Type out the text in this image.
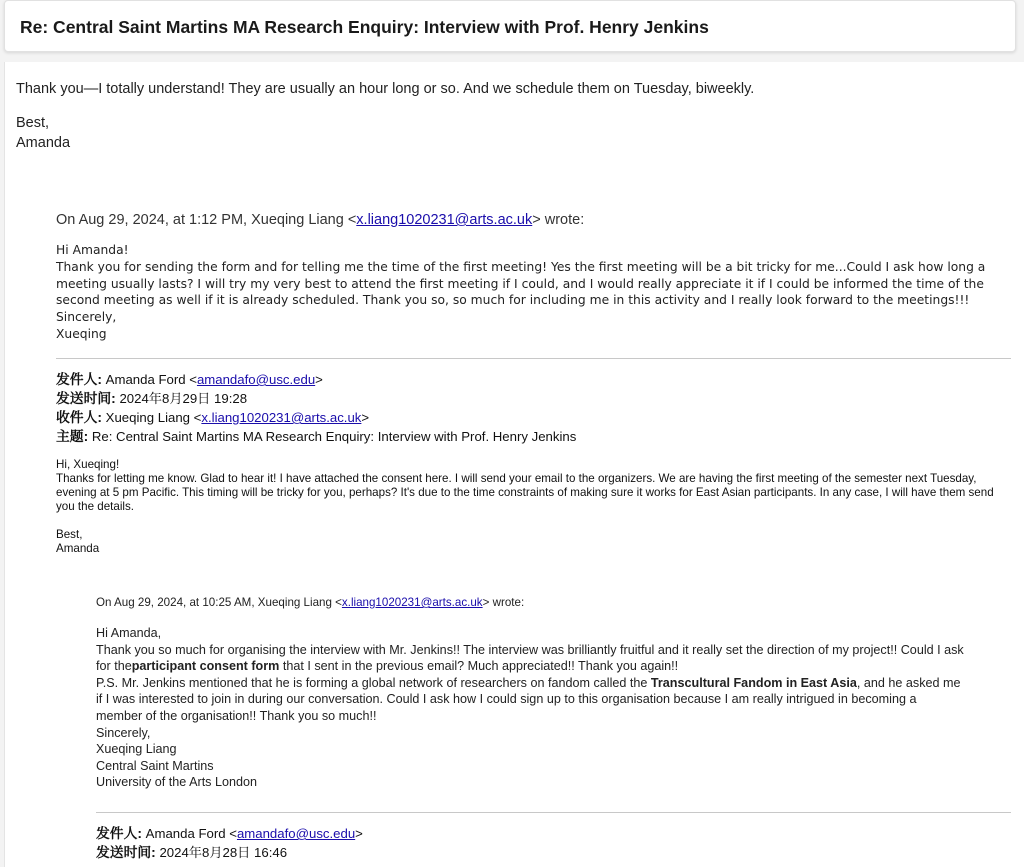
Re: Central Saint Martins MA Research Enquiry: Interview with Prof. Henry Jenkins

Thank you—I totally understand! They are usually an hour long or so. And we schedule them on Tuesday, biweekly.

Best,

Amanda

On Aug 29, 2024, at 1:12 PM, Xueqing Liang <x.liang1020231@arts.ac.uk> wrote:

Hi Amanda!

Thank you for sending the form and for telling me the time of the first meeting! Yes the first meeting will be a bit tricky for me...Could I ask how long a meeting usually lasts? I will try my very best to attend the first meeting if I could, and I would really appreciate it if I could be informed the time of the second meeting as well if it is already scheduled. Thank you so, so much for including me in this activity and I really look forward to the meetings!!!

Sincerely,

Xueqing

发件人: Amanda Ford <amandafo@usc.edu>

发送时间: 2024年8月29日 19:28

收件人: Xueqing Liang <x.liang1020231@arts.ac.uk>

主题: Re: Central Saint Martins MA Research Enquiry: Interview with Prof. Henry Jenkins

Hi, Xueqing!

Thanks for letting me know. Glad to hear it! I have attached the consent here. I will send your email to the organizers. We are having the first meeting of the semester next Tuesday, evening at 5 pm Pacific. This timing will be tricky for you, perhaps? It's due to the time constraints of making sure it works for East Asian participants. In any case, I will have them send you the details.

Best,

Amanda

On Aug 29, 2024, at 10:25 AM, Xueqing Liang <x.liang1020231@arts.ac.uk> wrote:

Hi Amanda,

Thank you so much for organising the interview with Mr. Jenkins!! The interview was brilliantly fruitful and it really set the direction of my project!! Could I ask for theparticipant consent form that I sent in the previous email? Much appreciated!! Thank you again!!

P.S. Mr. Jenkins mentioned that he is forming a global network of researchers on fandom called the Transcultural Fandom in East Asia, and he asked me if I was interested to join in during our conversation. Could I ask how I could sign up to this organisation because I am really intrigued in becoming a member of the organisation!! Thank you so much!!

Sincerely,

Xueqing Liang

Central Saint Martins

University of the Arts London

发件人: Amanda Ford <amandafo@usc.edu>

发送时间: 2024年8月28日 16:46
